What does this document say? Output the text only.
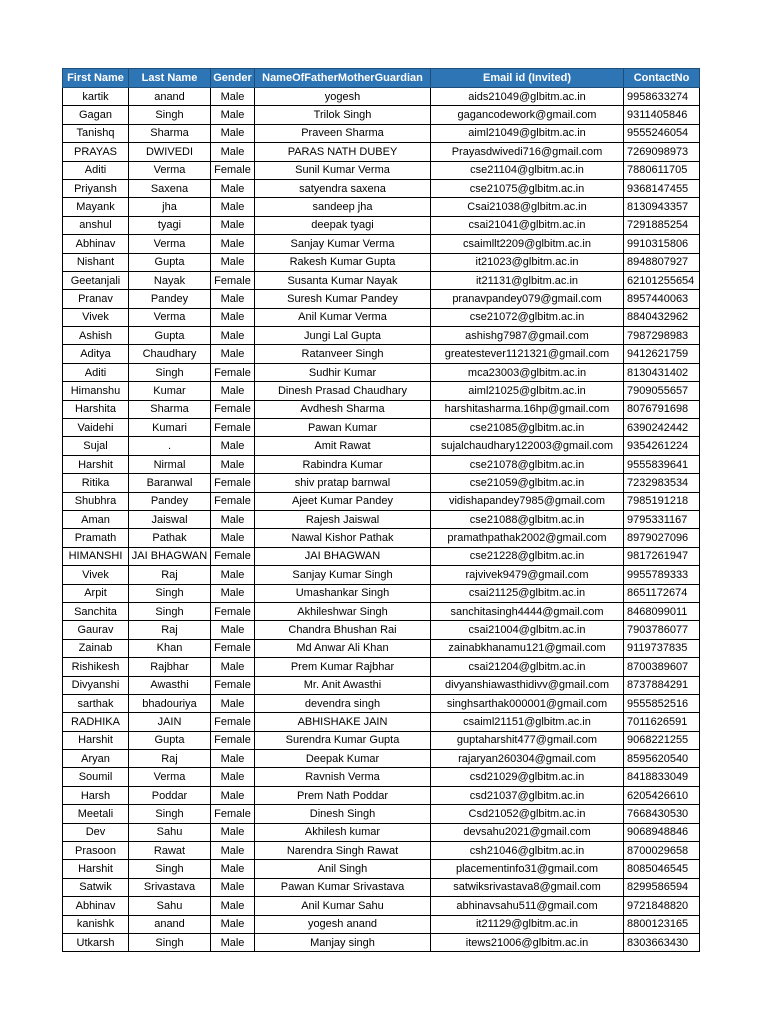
First Name	Last Name	Gender	NameOfFatherMotherGuardian	Email id (Invited)	ContactNo
kartik	anand	Male	yogesh	aids21049@glbitm.ac.in	9958633274
Gagan	Singh	Male	Trilok Singh	gagancodework@gmail.com	9311405846
Tanishq	Sharma	Male	Praveen Sharma	aiml21049@glbitm.ac.in	9555246054
PRAYAS	DWIVEDI	Male	PARAS NATH DUBEY	Prayasdwivedi716@gmail.com	7269098973
Aditi	Verma	Female	Sunil Kumar Verma	cse21104@glbitm.ac.in	7880611705
Priyansh	Saxena	Male	satyendra saxena	cse21075@glbitm.ac.in	9368147455
Mayank	jha	Male	sandeep jha	Csai21038@glbitm.ac.in	8130943357
anshul	tyagi	Male	deepak tyagi	csai21041@glbitm.ac.in	7291885254
Abhinav	Verma	Male	Sanjay Kumar Verma	csaimllt2209@glbitm.ac.in	9910315806
Nishant	Gupta	Male	Rakesh Kumar Gupta	it21023@glbitm.ac.in	8948807927
Geetanjali	Nayak	Female	Susanta Kumar Nayak	it21131@glbitm.ac.in	62101255654
Pranav	Pandey	Male	Suresh Kumar Pandey	pranavpandey079@gmail.com	8957440063
Vivek	Verma	Male	Anil Kumar Verma	cse21072@glbitm.ac.in	8840432962
Ashish	Gupta	Male	Jungi Lal Gupta	ashishg7987@gmail.com	7987298983
Aditya	Chaudhary	Male	Ratanveer Singh	greatestever1121321@gmail.com	9412621759
Aditi	Singh	Female	Sudhir Kumar	mca23003@glbitm.ac.in	8130431402
Himanshu	Kumar	Male	Dinesh Prasad Chaudhary	aiml21025@glbitm.ac.in	7909055657
Harshita	Sharma	Female	Avdhesh Sharma	harshitasharma.16hp@gmail.com	8076791698
Vaidehi	Kumari	Female	Pawan Kumar	cse21085@glbitm.ac.in	6390242442
Sujal	.	Male	Amit Rawat	sujalchaudhary122003@gmail.com	9354261224
Harshit	Nirmal	Male	Rabindra Kumar	cse21078@glbitm.ac.in	9555839641
Ritika	Baranwal	Female	shiv pratap barnwal	cse21059@glbitm.ac.in	7232983534
Shubhra	Pandey	Female	Ajeet Kumar Pandey	vidishapandey7985@gmail.com	7985191218
Aman	Jaiswal	Male	Rajesh Jaiswal	cse21088@glbitm.ac.in	9795331167
Pramath	Pathak	Male	Nawal Kishor Pathak	pramathpathak2002@gmail.com	8979027096
HIMANSHI	JAI BHAGWAN	Female	JAI BHAGWAN	cse21228@glbitm.ac.in	9817261947
Vivek	Raj	Male	Sanjay Kumar Singh	rajvivek9479@gmail.com	9955789333
Arpit	Singh	Male	Umashankar Singh	csai21125@glbitm.ac.in	8651172674
Sanchita	Singh	Female	Akhileshwar Singh	sanchitasingh4444@gmail.com	8468099011
Gaurav	Raj	Male	Chandra Bhushan Rai	csai21004@glbitm.ac.in	7903786077
Zainab	Khan	Female	Md Anwar Ali Khan	zainabkhanamu121@gmail.com	9119737835
Rishikesh	Rajbhar	Male	Prem Kumar Rajbhar	csai21204@glbitm.ac.in	8700389607
Divyanshi	Awasthi	Female	Mr. Anit Awasthi	divyanshiawasthidivv@gmail.com	8737884291
sarthak	bhadouriya	Male	devendra singh	singhsarthak000001@gmail.com	9555852516
RADHIKA	JAIN	Female	ABHISHAKE JAIN	csaiml21151@glbitm.ac.in	7011626591
Harshit	Gupta	Female	Surendra Kumar Gupta	guptaharshit477@gmail.com	9068221255
Aryan	Raj	Male	Deepak Kumar	rajaryan260304@gmail.com	8595620540
Soumil	Verma	Male	Ravnish Verma	csd21029@glbitm.ac.in	8418833049
Harsh	Poddar	Male	Prem Nath Poddar	csd21037@glbitm.ac.in	6205426610
Meetali	Singh	Female	Dinesh Singh	Csd21052@glbitm.ac.in	7668430530
Dev	Sahu	Male	Akhilesh kumar	devsahu2021@gmail.com	9068948846
Prasoon	Rawat	Male	Narendra Singh Rawat	csh21046@glbitm.ac.in	8700029658
Harshit	Singh	Male	Anil Singh	placementinfo31@gmail.com	8085046545
Satwik	Srivastava	Male	Pawan Kumar Srivastava	satwiksrivastava8@gmail.com	8299586594
Abhinav	Sahu	Male	Anil Kumar Sahu	abhinavsahu511@gmail.com	9721848820
kanishk	anand	Male	yogesh anand	it21129@glbitm.ac.in	8800123165
Utkarsh	Singh	Male	Manjay singh	itews21006@glbitm.ac.in	8303663430
